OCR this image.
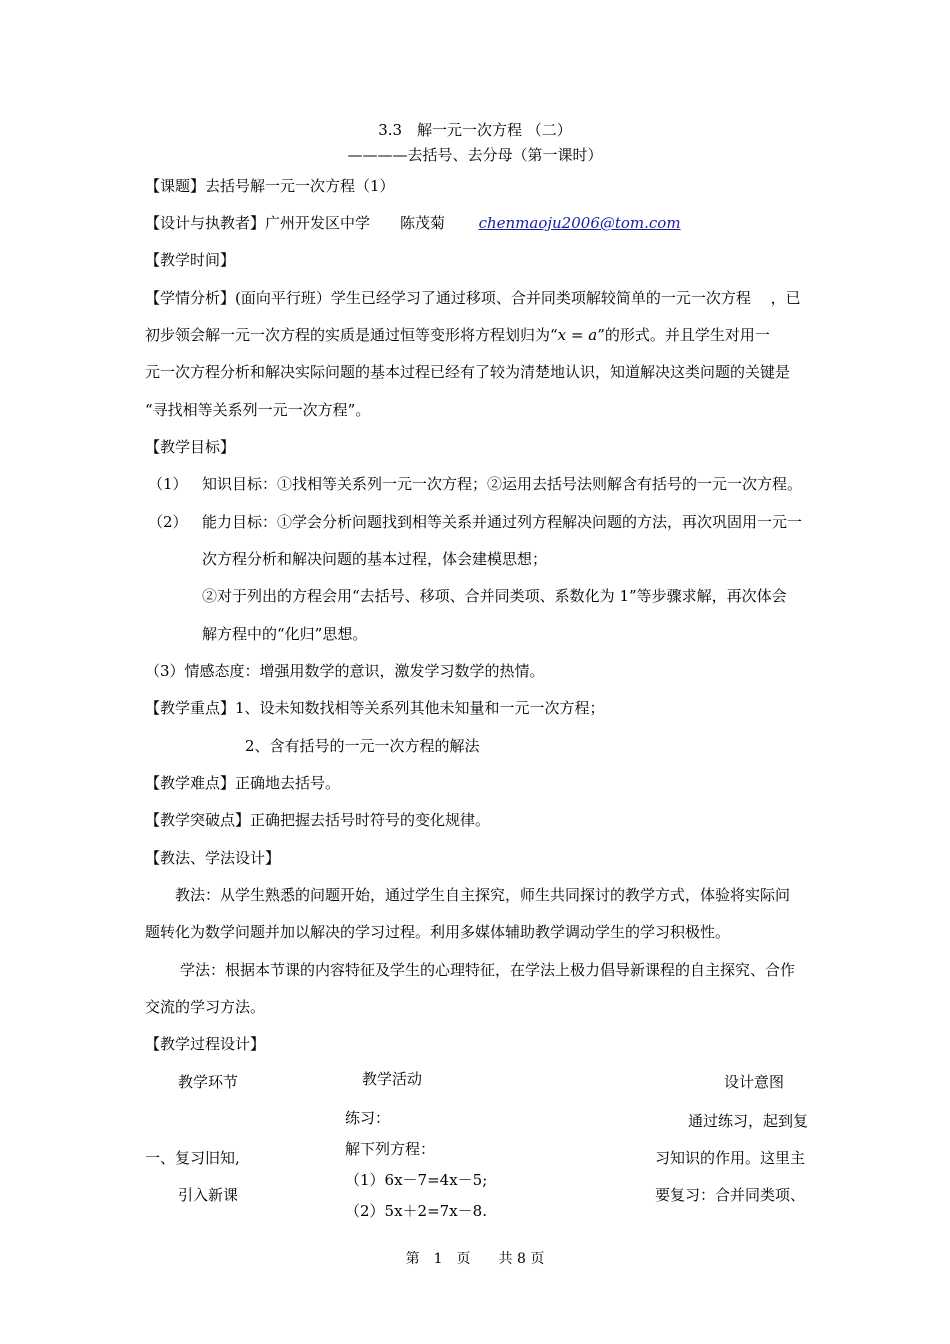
3.3　解一元一次方程 （二）
————去括号、去分母（第一课时）
【课题】去括号解一元一次方程（1）
【设计与执教者】广州开发区中学　　陈茂菊 chenmaoju2006@tom.com
【教学时间】
【学情分析】(面向平行班）学生已经学习了通过移项、合并同类项解较简单的一元一次方程　 ，已
初步领会解一元一次方程的实质是通过恒等变形将方程划归为“x = a”的形式。并且学生对用一
元一次方程分析和解决实际问题的基本过程已经有了较为清楚地认识，知道解决这类问题的关键是
“寻找相等关系列一元一次方程”。
【教学目标】
（1） 知识目标：①找相等关系列一元一次方程；②运用去括号法则解含有括号的一元一次方程。
（2） 能力目标：①学会分析问题找到相等关系并通过列方程解决问题的方法，再次巩固用一元一
次方程分析和解决问题的基本过程，体会建模思想；
②对于列出的方程会用“去括号、移项、合并同类项、系数化为 1”等步骤求解，再次体会
解方程中的“化归”思想。
（3）情感态度：增强用数学的意识，激发学习数学的热情。
【教学重点】1、设未知数找相等关系列其他未知量和一元一次方程；
2、含有括号的一元一次方程的解法
【教学难点】正确地去括号。
【教学突破点】正确把握去括号时符号的变化规律。
【教法、学法设计】
教法：从学生熟悉的问题开始，通过学生自主探究，师生共同探讨的教学方式，体验将实际问
题转化为数学问题并加以解决的学习过程。利用多媒体辅助教学调动学生的学习积极性。
学法：根据本节课的内容特征及学生的心理特征，在学法上极力倡导新课程的自主探究、合作
交流的学习方法。
【教学过程设计】
教学环节	教学活动	设计意图
一、复习旧知,
引入新课
练习：
解下列方程：
（1）6x－7=4x－5;
（2）5x＋2=7x－8.
通过练习，起到复
习知识的作用。这里主
要复习：合并同类项、
第　1　页　　共 8 页
